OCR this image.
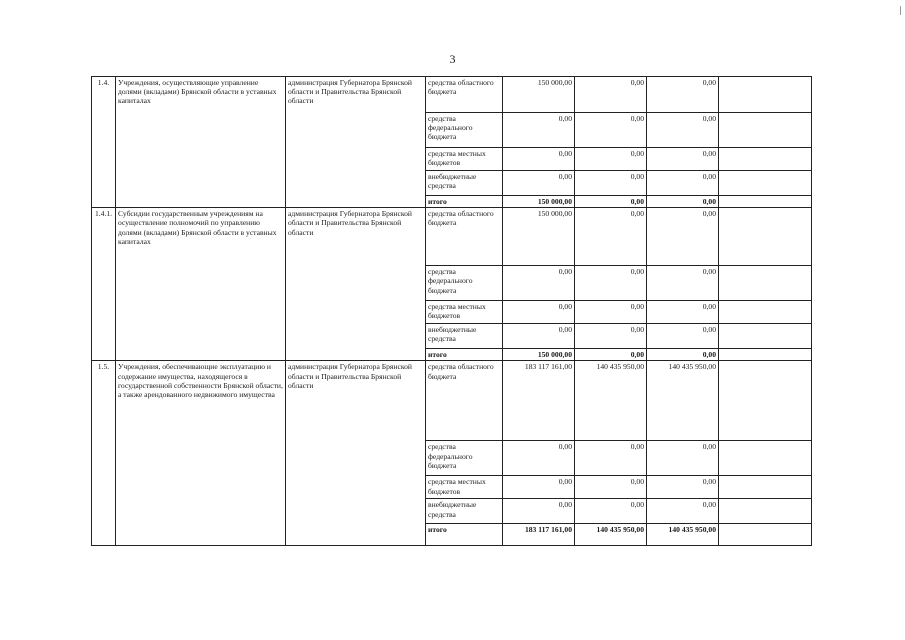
3
1.4.	Учреждения, осуществляющие управление долями (вкладами) Брянской области в уставных капиталах	администрация Губернатора Брянской области и Правительства Брянской области	средства областного бюджета	150 000,00	0,00	0,00	
			средства федерального бюджета	0,00	0,00	0,00	
			средства местных бюджетов	0,00	0,00	0,00	
			внебюджетные средства	0,00	0,00	0,00	
			итого	150 000,00	0,00	0,00	
1.4.1.	Субсидии государственным учреждениям на осуществление полномочий по управлению долями (вкладами) Брянской области в уставных капиталах	администрация Губернатора Брянской области и Правительства Брянской области	средства областного бюджета	150 000,00	0,00	0,00	
			средства федерального бюджета	0,00	0,00	0,00	
			средства местных бюджетов	0,00	0,00	0,00	
			внебюджетные средства	0,00	0,00	0,00	
			итого	150 000,00	0,00	0,00	
1.5.	Учреждения, обеспечивающие эксплуатацию и содержание имущества, находящегося в государственной собственности Брянской области, а также арендованного недвижимого имущества	администрация Губернатора Брянской области и Правительства Брянской области	средства областного бюджета	183 117 161,00	140 435 950,00	140 435 950,00	
			средства федерального бюджета	0,00	0,00	0,00	
			средства местных бюджетов	0,00	0,00	0,00	
			внебюджетные средства	0,00	0,00	0,00	
			итого	183 117 161,00	140 435 950,00	140 435 950,00	
